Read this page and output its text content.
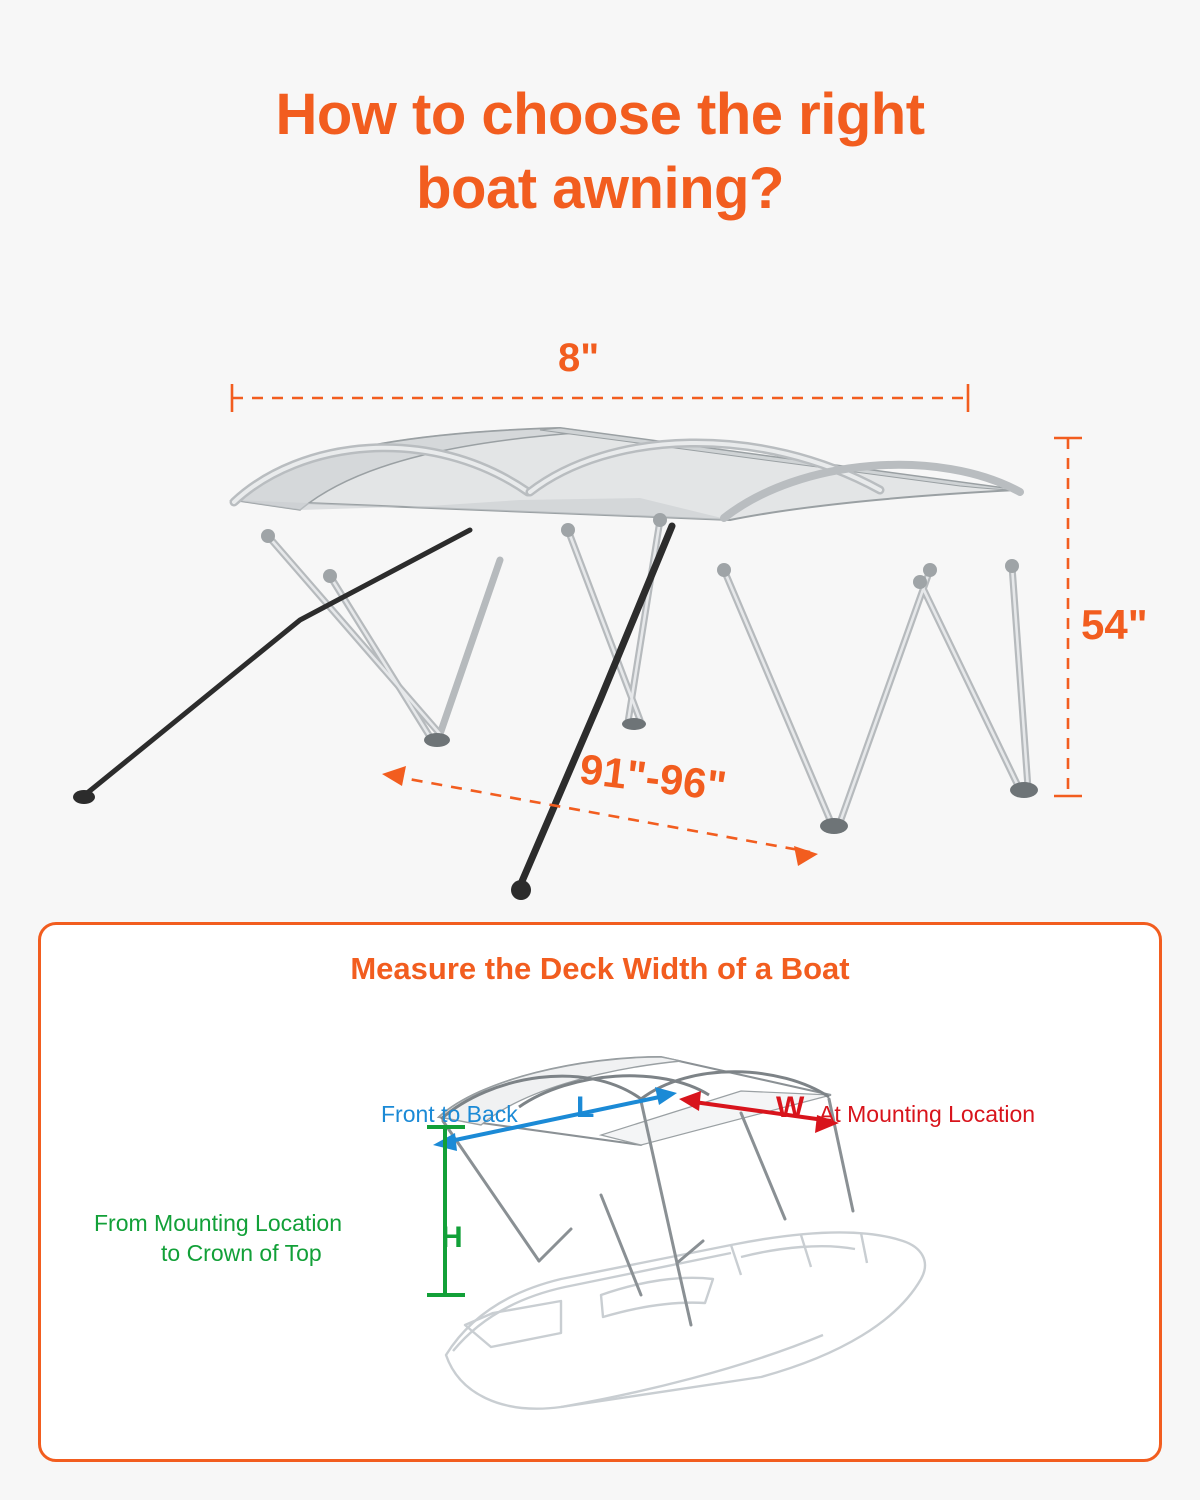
How to choose the right
boat awning?
8"
54"
91"-96"
Measure the Deck Width of a Boat
Front to Back L	W At Mounting Location
H
From Mounting Location
to Crown of Top
